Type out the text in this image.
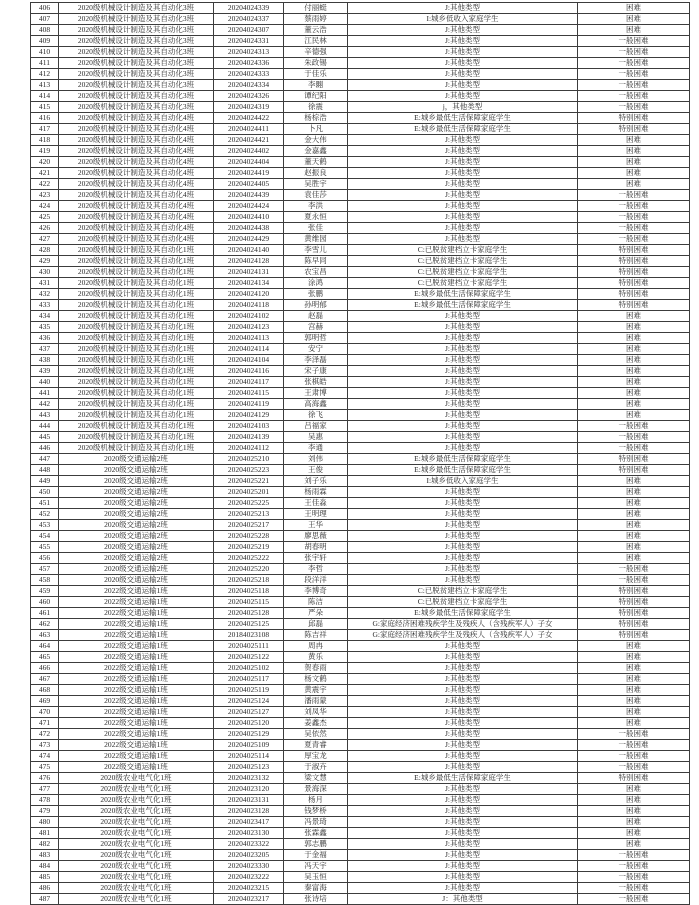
406	2020级机械设计制造及其自动化3班	20204024339	付丽蜓	J:其他类型	困难
407	2020级机械设计制造及其自动化3班	20204024337	蔡雨婷	I:城乡低收入家庭学生	困难
408	2020级机械设计制造及其自动化3班	20204024307	董云浩	J:其他类型	困难
409	2020级机械设计制造及其自动化3班	20204024331	江民林	J:其他类型	一般困难
410	2020级机械设计制造及其自动化3班	20204024313	辛德强	J:其他类型	一般困难
411	2020级机械设计制造及其自动化3班	20204024336	朱政锡	J:其他类型	一般困难
412	2020级机械设计制造及其自动化3班	20204024333	于佳乐	J:其他类型	一般困难
413	2020级机械设计制造及其自动化3班	20204024334	李翾	J:其他类型	一般困难
414	2020级机械设计制造及其自动化3班	20204024326	谭纪阳	J:其他类型	一般困难
415	2020级机械设计制造及其自动化3班	20204024319	徐震	j，其他类型	一般困难
416	2020级机械设计制造及其自动化4班	20204024422	杨棕浩	E:城乡最低生活保障家庭学生	特别困难
417	2020级机械设计制造及其自动化4班	20204024411	卜凡	E:城乡最低生活保障家庭学生	特别困难
418	2020级机械设计制造及其自动化4班	20204024421	金大伟	J:其他类型	困难
419	2020级机械设计制造及其自动化4班	20204024402	金嘉鑫	J:其他类型	困难
420	2020级机械设计制造及其自动化4班	20204024404	董天鹤	J:其他类型	困难
421	2020级机械设计制造及其自动化4班	20204024419	赵振良	J:其他类型	困难
422	2020级机械设计制造及其自动化4班	20204024405	吴胜宇	J:其他类型	困难
423	2020级机械设计制造及其自动化4班	20204024439	袁佳莎	J:其他类型	一般困难
424	2020级机械设计制造及其自动化4班	20204024424	李洪	J:其他类型	一般困难
425	2020级机械设计制造及其自动化4班	20204024410	夏永恒	J:其他类型	一般困难
426	2020级机械设计制造及其自动化4班	20204024438	张佳	J:其他类型	一般困难
427	2020级机械设计制造及其自动化4班	20204024429	黄维园	J:其他类型	一般困难
428	2020级机械设计制造及其自动化1班	20204024140	李雪儿	C:已脱贫建档立卡家庭学生	特别困难
429	2020级机械设计制造及其自动化1班	20204024128	陈早同	C:已脱贫建档立卡家庭学生	特别困难
430	2020级机械设计制造及其自动化1班	20204024131	农宝昌	C:已脱贫建档立卡家庭学生	特别困难
431	2020级机械设计制造及其自动化1班	20204024134	涂鸿	C:已脱贫建档立卡家庭学生	特别困难
432	2020级机械设计制造及其自动化1班	20204024120	张鹏	E:城乡最低生活保障家庭学生	特别困难
433	2020级机械设计制造及其自动化1班	20204024118	孙明郁	E:城乡最低生活保障家庭学生	特别困难
434	2020级机械设计制造及其自动化1班	20204024102	赵磊	J:其他类型	困难
435	2020级机械设计制造及其自动化1班	20204024123	宫赫	J:其他类型	困难
436	2020级机械设计制造及其自动化1班	20204024113	郭明哲	J:其他类型	困难
437	2020级机械设计制造及其自动化1班	20204024114	安宁	J:其他类型	困难
438	2020级机械设计制造及其自动化1班	20204024104	李泽磊	J:其他类型	困难
439	2020级机械设计制造及其自动化1班	20204024116	宋子康	J:其他类型	困难
440	2020级机械设计制造及其自动化1班	20204024117	张棋皓	J:其他类型	困难
441	2020级机械设计制造及其自动化1班	20204024115	王肃博	J:其他类型	困难
442	2020级机械设计制造及其自动化1班	20204024119	高海鑫	J:其他类型	困难
443	2020级机械设计制造及其自动化1班	20204024129	徐飞	J:其他类型	困难
444	2020级机械设计制造及其自动化1班	20204024103	吕福家	J:其他类型	一般困难
445	2020级机械设计制造及其自动化1班	20204024139	吴惠	J:其他类型	一般困难
446	2020级机械设计制造及其自动化1班	20204024112	李通	J:其他类型	一般困难
447	2020级交通运输2班	20204025210	刘伟	E:城乡最低生活保障家庭学生	特别困难
448	2020级交通运输2班	20204025223	王俊	E:城乡最低生活保障家庭学生	特别困难
449	2020级交通运输2班	20204025221	刘子乐	I:城乡低收入家庭学生	困难
450	2020级交通运输2班	20204025201	杨雨霖	J:其他类型	困难
451	2020级交通运输2班	20204025225	王佳淼	J:其他类型	困难
452	2020级交通运输2班	20204025213	王明理	J:其他类型	困难
453	2020级交通运输2班	20204025217	王华	J:其他类型	困难
454	2020级交通运输2班	20204025228	廖思薇	J:其他类型	困难
455	2020级交通运输2班	20204025219	胡春明	J:其他类型	困难
456	2020级交通运输2班	20204025222	张宇轩	J:其他类型	困难
457	2020级交通运输2班	20204025220	李哲	J:其他类型	一般困难
458	2020级交通运输2班	20204025218	段洋洋	J:其他类型	一般困难
459	2022级交通运输1班	20204025118	李博奇	C:已脱贫建档立卡家庭学生	特别困难
460	2022级交通运输1班	20204025115	陈洁	C:已脱贫建档立卡家庭学生	特别困难
461	2022级交通运输1班	20204025128	严朵	E:城乡最低生活保障家庭学生	特别困难
462	2022级交通运输1班	20204025125	邱磊	G:家庭经济困难残疾学生及残疾人（含残疾军人）子女	特别困难
463	2022级交通运输1班	20184023108	陈吉祥	G:家庭经济困难残疾学生及残疾人（含残疾军人）子女	特别困难
464	2022级交通运输1班	20204025111	周冉	J:其他类型	困难
465	2022级交通运输1班	20204025122	黄乐	J:其他类型	困难
466	2022级交通运输1班	20204025102	贺春雨	J:其他类型	困难
467	2022级交通运输1班	20204025117	杨文鹤	J:其他类型	困难
468	2022级交通运输1班	20204025119	黄震宇	J:其他类型	困难
469	2022级交通运输1班	20204025124	潘雨蒙	J:其他类型	困难
470	2022级交通运输1班	20204025127	刘凤华	J:其他类型	困难
471	2022级交通运输1班	20204025120	姜鑫杰	J:其他类型	困难
472	2022级交通运输1班	20204025129	吴依然	J:其他类型	一般困难
473	2022级交通运输1班	20204025109	夏青睿	J:其他类型	一般困难
474	2022级交通运输1班	20204025114	厚宝龙	J:其他类型	一般困难
475	2022级交通运输1班	20204025123	于淑卉	J:其他类型	一般困难
476	2020级农业电气化1班	20204023132	梁文慧	E:城乡最低生活保障家庭学生	特别困难
477	2020级农业电气化1班	20204023120	景海深	J:其他类型	困难
478	2020级农业电气化1班	20204023131	杨月	J:其他类型	困难
479	2020级农业电气化1班	20204023128	钱梦桥	J:其他类型	困难
480	2020级农业电气化1班	20204023417	冯景琦	J:其他类型	困难
481	2020级农业电气化1班	20204023130	张霖鑫	J:其他类型	困难
482	2020级农业电气化1班	20204023322	郭志鹏	J:其他类型	困难
483	2020级农业电气化1班	20204023205	于金福	J:其他类型	一般困难
484	2020级农业电气化1班	20204023330	冯天宇	J:其他类型	一般困难
485	2020级农业电气化1班	20204023222	吴玉恒	J:其他类型	一般困难
486	2020级农业电气化1班	20204023215	秦富海	J:其他类型	一般困难
487	2020级农业电气化1班	20204023217	张诗培	J：其他类型	一般困难
